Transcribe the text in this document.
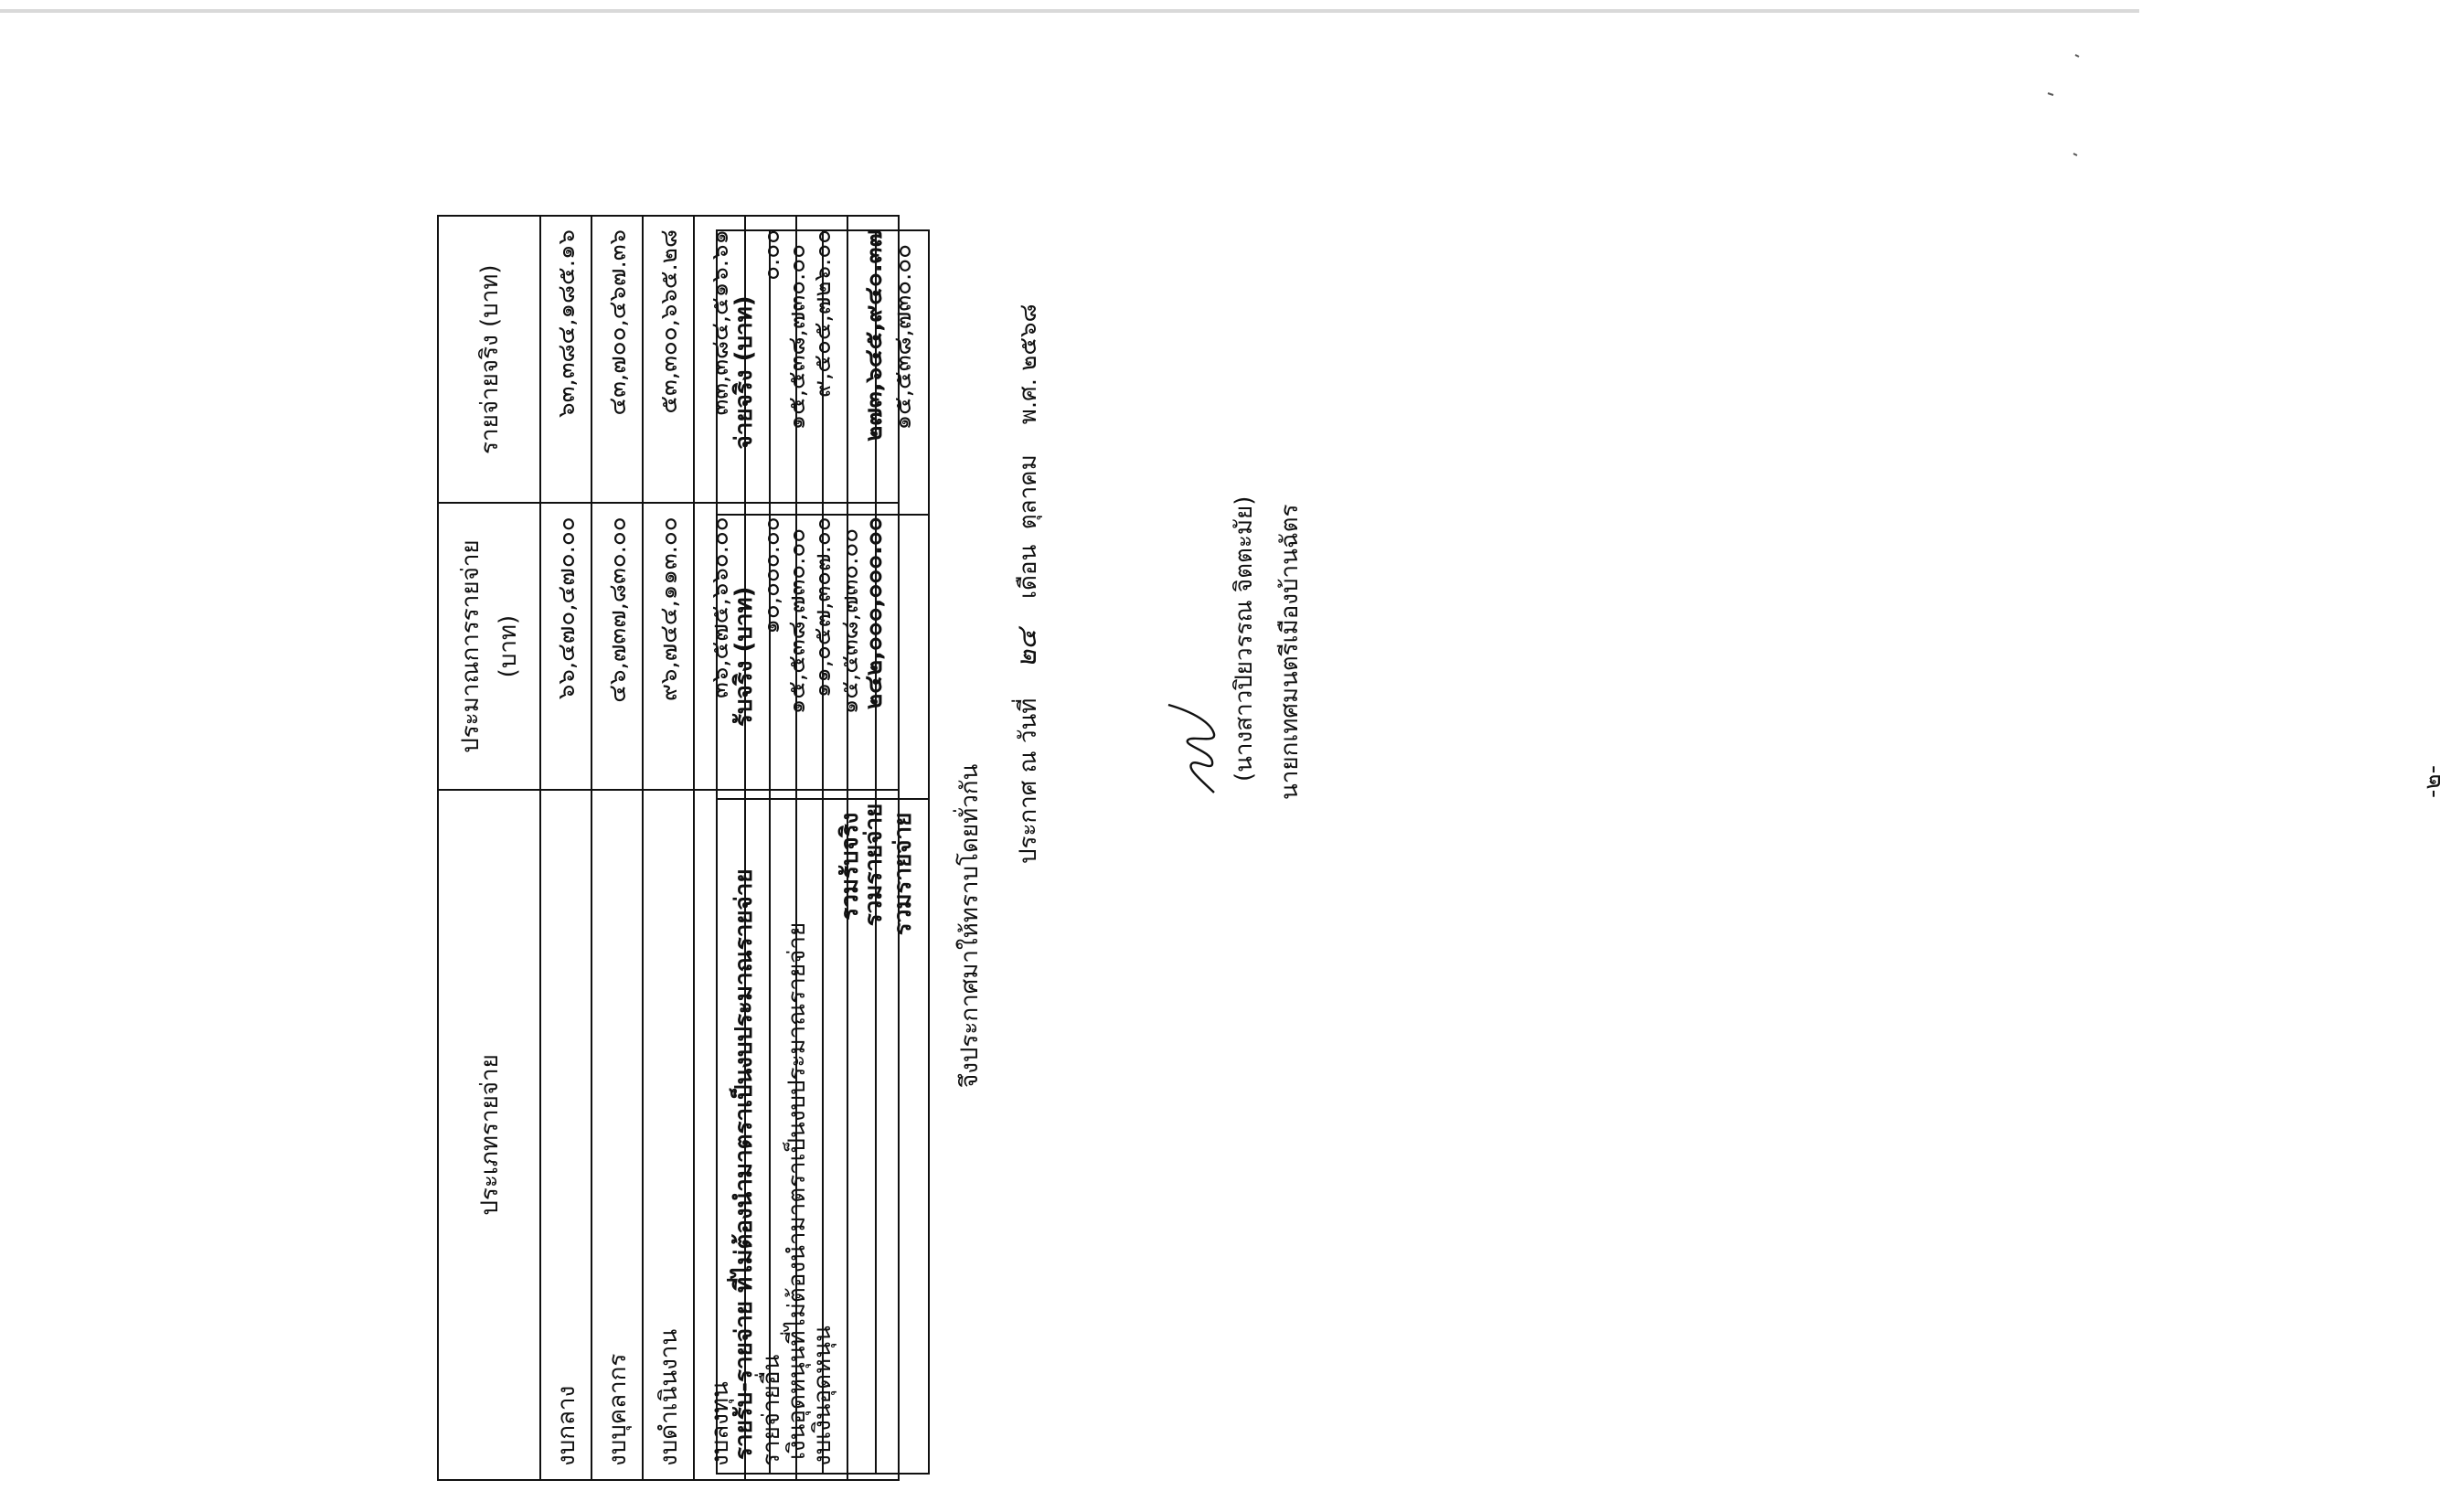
-๒-
ประเภทรายจ่าย	ประมาณการรายจ่าย (บาท)	รายจ่ายจริง (บาท)
งบกลาง	๖๖,๔๗๐,๔๗๐.๐๐	๖๓,๓๘๔,๑๘๕.๑๖
งบบุคลากร	๔๖,๗๓๗,๘๓๐.๐๐	๔๓,๗๐๐,๔๖๗.๓๖
งบดำเนินงาน	๙๖,๗๔๔,๑๑๓.๐๐	๕๓,๓๐๐,๖๖๕.๒๘
งบลงทุน	๓๖,๕๗๕,๖๖๐.๐๐	๓๓,๓๘๔,๕๑๖.๖๑
รายจ่ายอื่น	๑๐,๐๐๐.๐๐	๐.๐๐
งบเงินอุดหนุน	๑๑,๐๕๗,๓๐๗.๐๐	๙,๕๐๕,๗๒๖.๐๐
รวมรายจ่าย	๒๔๒,๐๐๐,๐๐๐.๐๐	๒๗๓,๖๔๕,๙๔๐.๓๗
รายรับ-รายจ่าย ที่ไม่ต้องนำมาตราเป็นงบประมาณรายจ่าย	รับจริง (บาท)	จ่ายจริง (บาท)
เงินอุดหนุนที่ไม่ต้องนำมาตราเป็นงบประมาณรายจ่าย	๑๕,๕๓๘,๗๓๐.๐๐	๑๕,๕๓๘,๗๓๐.๐๐
รวมรับจริง	๑๕,๕๓๘,๗๓๐.๐๐	
รวมรายจ่าย		๑๕,๕๓๘,๗๓๐.๐๐
จึงประกาศมาให้ทราบโดยทั่วกัน	ประกาศ ณ วันที่    ๒๔    เดือน  ตุลาคม    พ.ศ. ๒๕๖๘
(นางสาวปิยวรรณ จิตตะมัย) นายกเทศมนตรีเมืองบ้านฉัตร
